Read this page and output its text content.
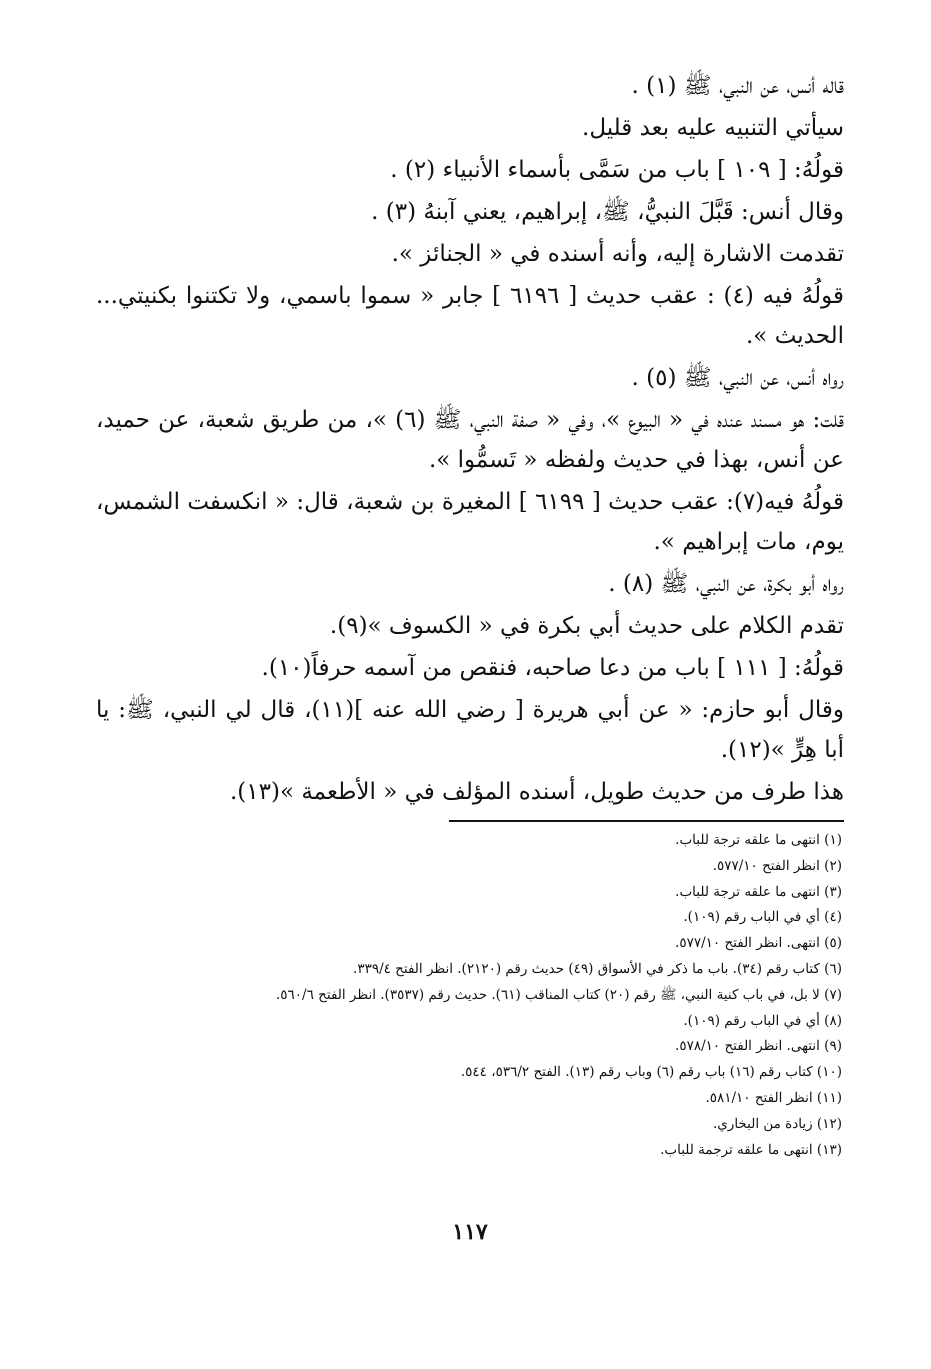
قاله أنس، عن النبي، ﷺ (١) .

سيأتي التنبيه عليه بعد قليل.

قولُهُ: [ ١٠٩ ] باب من سَمَّى بأسماء الأنبياء (٢) .

وقال أنس: قَبَّلَ النبيُّ، ﷺ، إبراهيم، يعني آبنهُ (٣) .

تقدمت الاشارة إليه، وأنه أسنده في « الجنائز ».

قولُهُ فيه (٤) : عقب حديث [ ٦١٩٦ ] جابر « سموا باسمي، ولا تكتنوا بكنيتي... الحديث ».

رواه أنس، عن النبي، ﷺ (٥) .

قلت: هو مسند عنده في « البيوع »، وفي « صفة النبي، ﷺ (٦) »، من طريق شعبة، عن حميد، عن أنس، بهذا في حديث ولفظه « تَسمُّوا ».

قولُهُ فيه(٧): عقب حديث [ ٦١٩٩ ] المغيرة بن شعبة، قال: « انكسفت الشمس، يوم، مات إبراهيم ».

رواه أبو بكرة، عن النبي، ﷺ (٨) .

تقدم الكلام على حديث أبي بكرة في « الكسوف »(٩).

قولُهُ: [ ١١١ ] باب من دعا صاحبه، فنقص من آسمه حرفاً(١٠).

وقال أبو حازم: « عن أبي هريرة [ رضي الله عنه ](١١)، قال لي النبي، ﷺ: يا أبا هِرٍّ »(١٢).

هذا طرف من حديث طويل، أسنده المؤلف في « الأطعمة »(١٣).

(١) انتهى ما علقه ترجة للباب.
(٢) انظر الفتح ٥٧٧/١٠.
(٣) انتهى ما علقه ترجة للباب.
(٤) أي في الباب رقم (١٠٩).
(٥) انتهى. انظر الفتح ٥٧٧/١٠.
(٦) كتاب رقم (٣٤). باب ما ذكر في الأسواق (٤٩) حديث رقم (٢١٢٠). انظر الفتح ٣٣٩/٤.
(٧) لا بل، في باب كنية النبي، ﷺ رقم (٢٠) كتاب المناقب (٦١). حديث رقم (٣٥٣٧). انظر الفتح ٥٦٠/٦.
(٨) أي في الباب رقم (١٠٩).
(٩) انتهى. انظر الفتح ٥٧٨/١٠.
(١٠) كتاب رقم (١٦) باب رقم (٦) وباب رقم (١٣). الفتح ٥٣٦/٢، ٥٤٤.
(١١) انظر الفتح ٥٨١/١٠.
(١٢) زيادة من البخاري.
(١٣) انتهى ما علقه ترجمة للباب.
١١٧
